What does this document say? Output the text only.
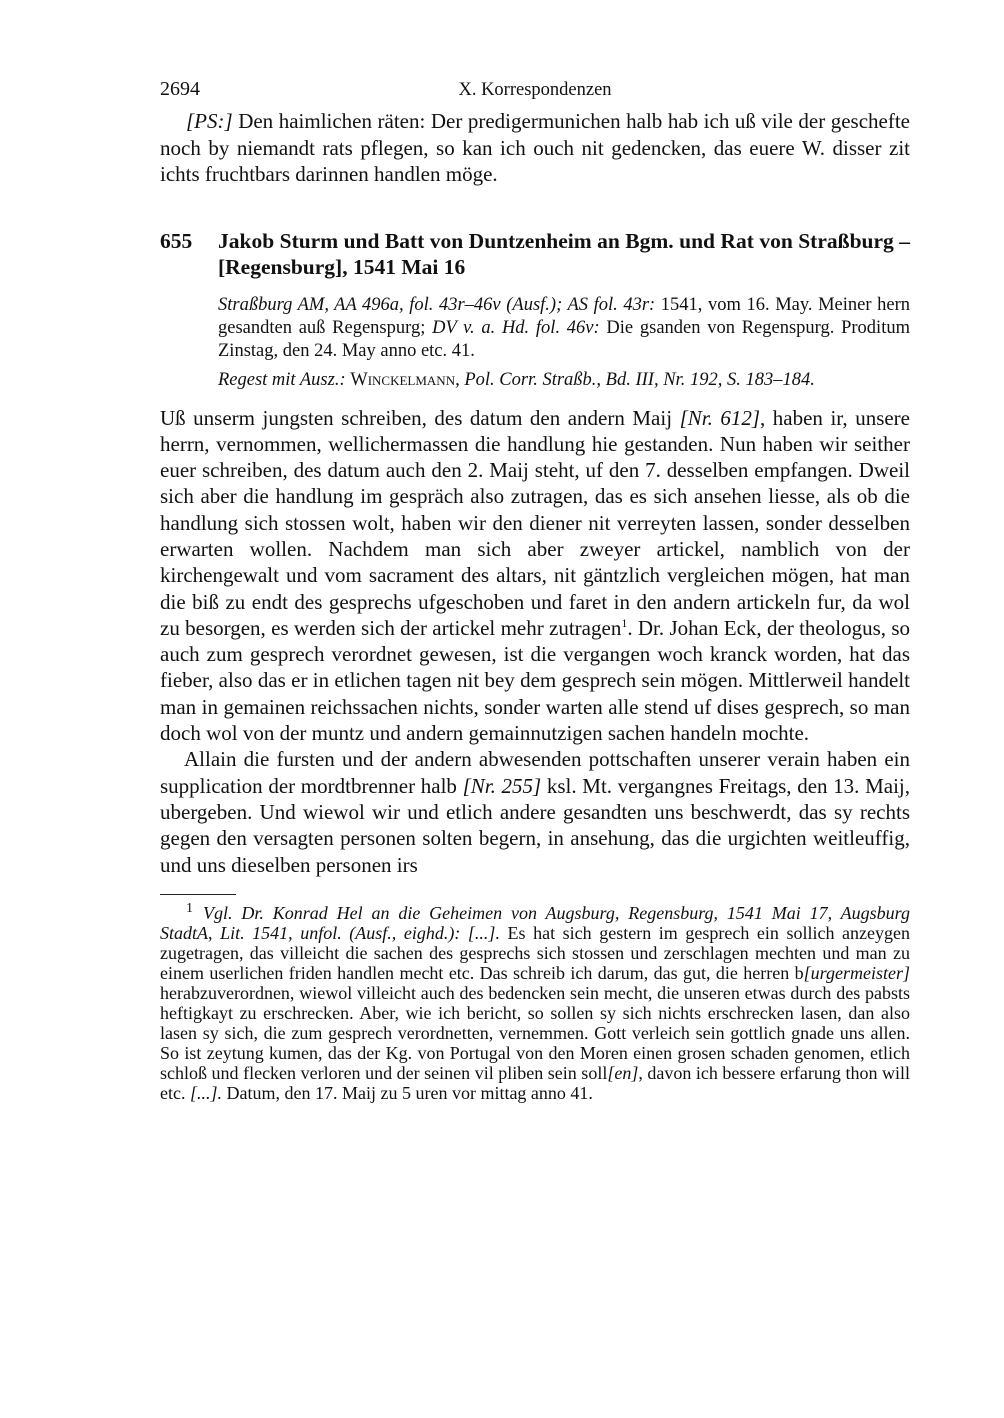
2694	X. Korrespondenzen

[PS:] Den haimlichen räten: Der predigermunichen halb hab ich uß vile der geschefte noch by niemandt rats pflegen, so kan ich ouch nit gedencken, das euere W. disser zit ichts fruchtbars darinnen handlen möge.

655	Jakob Sturm und Batt von Duntzenheim an Bgm. und Rat von Straßburg – [Regensburg], 1541 Mai 16

Straßburg AM, AA 496a, fol. 43r–46v (Ausf.); AS fol. 43r: 1541, vom 16. May. Meiner hern gesandten auß Regenspurg; DV v. a. Hd. fol. 46v: Die gsanden von Regenspurg. Proditum Zinstag, den 24. May anno etc. 41.

Regest mit Ausz.: Winckelmann, Pol. Corr. Straßb., Bd. III, Nr. 192, S. 183–184.

Uß unserm jungsten schreiben, des datum den andern Maij [Nr. 612], haben ir, unsere herrn, vernommen, wellichermassen die handlung hie gestanden. Nun haben wir seither euer schreiben, des datum auch den 2. Maij steht, uf den 7. desselben empfangen. Dweil sich aber die handlung im gespräch also zutragen, das es sich ansehen liesse, als ob die handlung sich stossen wolt, haben wir den diener nit verreyten lassen, sonder desselben erwarten wollen. Nachdem man sich aber zweyer artickel, namblich von der kirchengewalt und vom sacrament des altars, nit gäntzlich vergleichen mögen, hat man die biß zu endt des gesprechs ufgeschoben und faret in den andern artickeln fur, da wol zu besorgen, es werden sich der artickel mehr zutragen$^1$. Dr. Johan Eck, der theologus, so auch zum gesprech verordnet gewesen, ist die vergangen woch kranck worden, hat das fieber, also das er in etlichen tagen nit bey dem gesprech sein mögen. Mittlerweil handelt man in gemainen reichssachen nichts, sonder warten alle stend uf dises gesprech, so man doch wol von der muntz und andern gemainnutzigen sachen handeln mochte.

Allain die fursten und der andern abwesenden pottschaften unserer verain haben ein supplication der mordtbrenner halb [Nr. 255] ksl. Mt. vergangnes Freitags, den 13. Maij, ubergeben. Und wiewol wir und etlich andere gesandten uns beschwerdt, das sy rechts gegen den versagten personen solten begern, in ansehung, das die urgichten weitleuffig, und uns dieselben personen irs

$^1$ Vgl. Dr. Konrad Hel an die Geheimen von Augsburg, Regensburg, 1541 Mai 17, Augsburg StadtA, Lit. 1541, unfol. (Ausf., eighd.): [...]. Es hat sich gestern im gesprech ein sollich anzeygen zugetragen, das villeicht die sachen des gesprechs sich stossen und zerschlagen mechten und man zu einem userlichen friden handlen mecht etc. Das schreib ich darum, das gut, die herren b[urgermeister] herabzuverordnen, wiewol villeicht auch des bedencken sein mecht, die unseren etwas durch des pabsts heftigkayt zu erschrecken. Aber, wie ich bericht, so sollen sy sich nichts erschrecken lasen, dan also lasen sy sich, die zum gesprech verordnetten, vernemmen. Gott verleich sein gottlich gnade uns allen. So ist zeytung kumen, das der Kg. von Portugal von den Moren einen grosen schaden genomen, etlich schloß und flecken verloren und der seinen vil pliben sein soll[en], davon ich bessere erfarung thon will etc. [...]. Datum, den 17. Maij zu 5 uren vor mittag anno 41.
